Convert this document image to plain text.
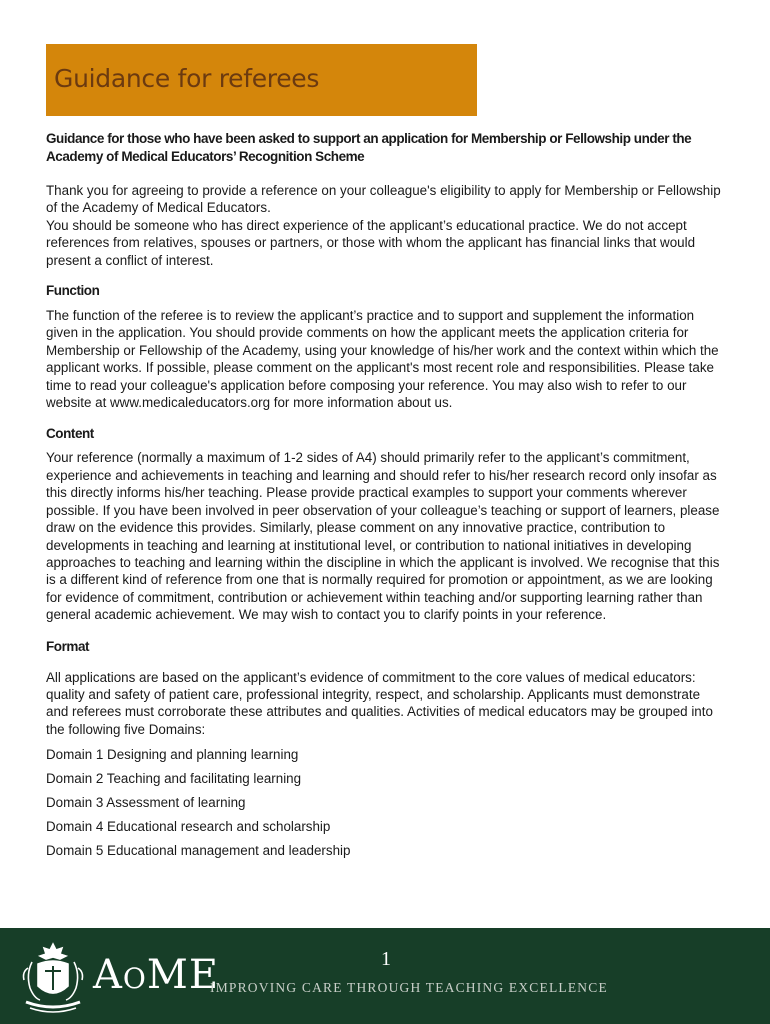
Guidance for referees
Guidance for those who have been asked to support an application for Membership or Fellowship under the Academy of Medical Educators’ Recognition Scheme
Thank you for agreeing to provide a reference on your colleague's eligibility to apply for Membership or Fellowship of the Academy of Medical Educators.
You should be someone who has direct experience of the applicant’s educational practice. We do not accept references from relatives, spouses or partners, or those with whom the applicant has financial links that would present a conflict of interest.
Function
The function of the referee is to review the applicant’s practice and to support and supplement the information given in the application. You should provide comments on how the applicant meets the application criteria for Membership or Fellowship of the Academy, using your knowledge of his/her work and the context within which the applicant works. If possible, please comment on the applicant's most recent role and responsibilities. Please take time to read your colleague's application before composing your reference. You may also wish to refer to our website at www.medicaleducators.org for more information about us.
Content
Your reference (normally a maximum of 1-2 sides of A4) should primarily refer to the applicant’s commitment, experience and achievements in teaching and learning and should refer to his/her research record only insofar as this directly informs his/her teaching. Please provide practical examples to support your comments wherever possible. If you have been involved in peer observation of your colleague’s teaching or support of learners, please draw on the evidence this provides. Similarly, please comment on any innovative practice, contribution to developments in teaching and learning at institutional level, or contribution to national initiatives in developing approaches to teaching and learning within the discipline in which the applicant is involved. We recognise that this is a different kind of reference from one that is normally required for promotion or appointment, as we are looking for evidence of commitment, contribution or achievement within teaching and/or supporting learning rather than general academic achievement. We may wish to contact you to clarify points in your reference.
Format
All applications are based on the applicant’s evidence of commitment to the core values of medical educators: quality and safety of patient care, professional integrity, respect, and scholarship. Applicants must demonstrate and referees must corroborate these attributes and qualities. Activities of medical educators may be grouped into the following five Domains:
Domain 1 Designing and planning learning
Domain 2 Teaching and facilitating learning
Domain 3 Assessment of learning
Domain 4 Educational research and scholarship
Domain 5 Educational management and leadership
AOME	1
IMPROVING CARE THROUGH TEACHING EXCELLENCE
